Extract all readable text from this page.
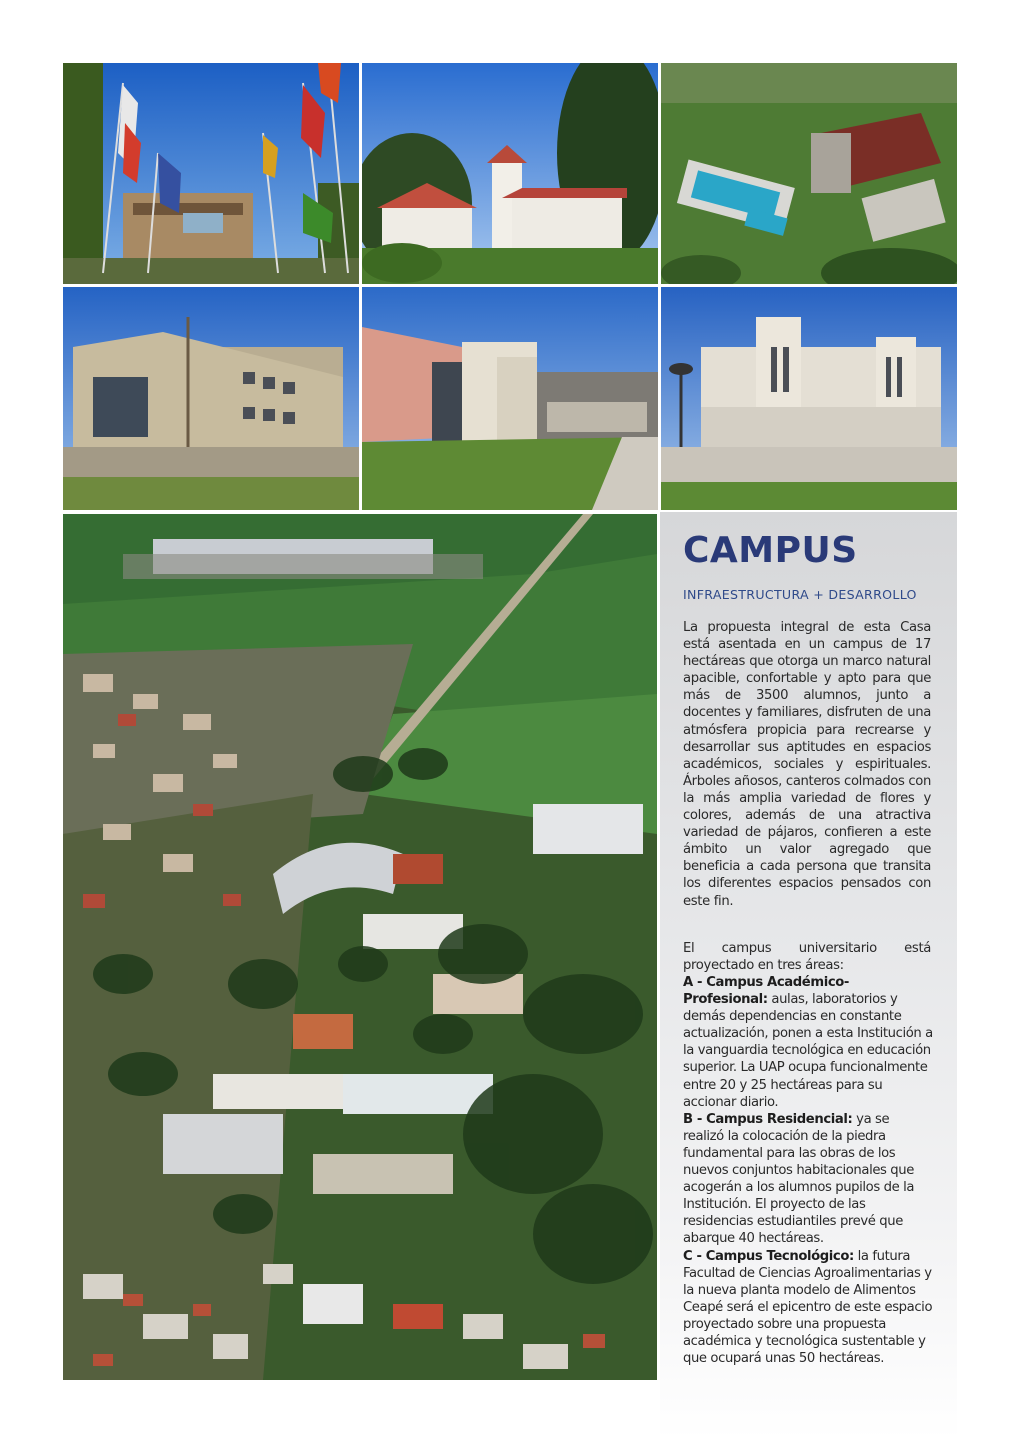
CAMPUS
INFRAESTRUCTURA + DESARROLLO

La propuesta integral de esta Casa está asentada en un campus de 17 hectáreas que otorga un marco natural apacible, confortable y apto para que más de 3500 alumnos, junto a docentes y familiares, disfruten de una atmósfera propicia para recrearse y desarrollar sus aptitudes en espacios académicos, sociales y espirituales. Árboles añosos, canteros colmados con la más amplia variedad de flores y colores, además de una atractiva variedad de pájaros, confieren a este ámbito un valor agregado que beneficia a cada persona que transita los diferentes espacios pensados con este fin.

El campus universitario está proyectado en tres áreas:

A - Campus Académico-Profesional: aulas, laboratorios y demás dependencias en constante actualización, ponen a esta Institución a la vanguardia tecnológica en educación superior. La UAP ocupa funcionalmente entre 20 y 25 hectáreas para su accionar diario.

B - Campus Residencial: ya se realizó la colocación de la piedra fundamental para las obras de los nuevos conjuntos habitacionales que acogerán a los alumnos pupilos de la Institución. El proyecto de las residencias estudiantiles prevé que abarque 40 hectáreas.

C - Campus Tecnológico: la futura Facultad de Ciencias Agroalimentarias y la nueva planta modelo de Alimentos Ceapé será el epicentro de este espacio proyectado sobre una propuesta académica y tecnológica sustentable y que ocupará unas 50 hectáreas.
